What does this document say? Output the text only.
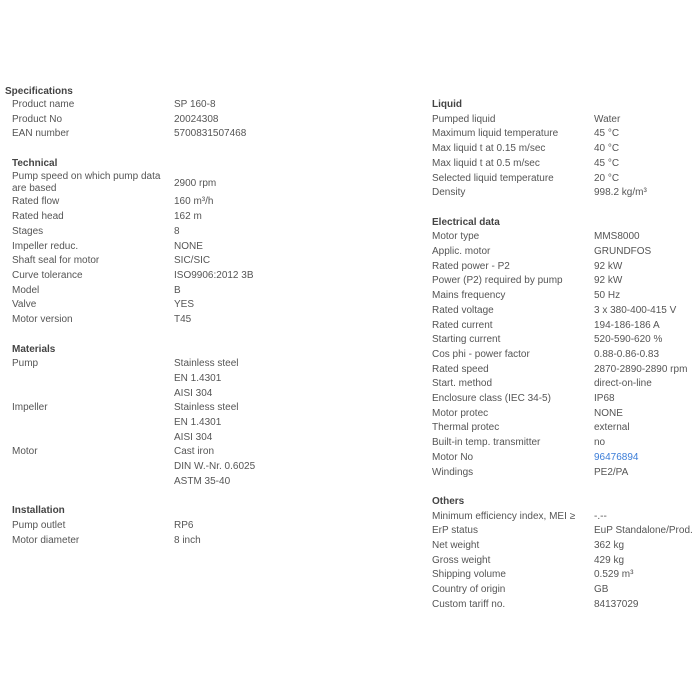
Specifications
Product name	SP 160-8
Product No	20024308
EAN number	5700831507468
Technical
Pump speed on which pump data are based	2900 rpm
Rated flow	160 m³/h
Rated head	162 m
Stages	8
Impeller reduc.	NONE
Shaft seal for motor	SIC/SIC
Curve tolerance	ISO9906:2012 3B
Model	B
Valve	YES
Motor version	T45
Materials
Pump	Stainless steel
EN 1.4301
AISI 304
Impeller	Stainless steel
EN 1.4301
AISI 304
Motor	Cast iron
DIN W.-Nr. 0.6025
ASTM 35-40
Installation
Pump outlet	RP6
Motor diameter	8 inch
Liquid
Pumped liquid	Water
Maximum liquid temperature	45 °C
Max liquid t at 0.15 m/sec	40 °C
Max liquid t at 0.5 m/sec	45 °C
Selected liquid temperature	20 °C
Density	998.2 kg/m³
Electrical data
Motor type	MMS8000
Applic. motor	GRUNDFOS
Rated power - P2	92 kW
Power (P2) required by pump	92 kW
Mains frequency	50 Hz
Rated voltage	3 x 380-400-415 V
Rated current	194-186-186 A
Starting current	520-590-620 %
Cos phi - power factor	0.88-0.86-0.83
Rated speed	2870-2890-2890 rpm
Start. method	direct-on-line
Enclosure class (IEC 34-5)	IP68
Motor protec	NONE
Thermal protec	external
Built-in temp. transmitter	no
Motor No	96476894
Windings	PE2/PA
Others
Minimum efficiency index, MEI ≥	-.--
ErP status	EuP Standalone/Prod.
Net weight	362 kg
Gross weight	429 kg
Shipping volume	0.529 m³
Country of origin	GB
Custom tariff no.	84137029
